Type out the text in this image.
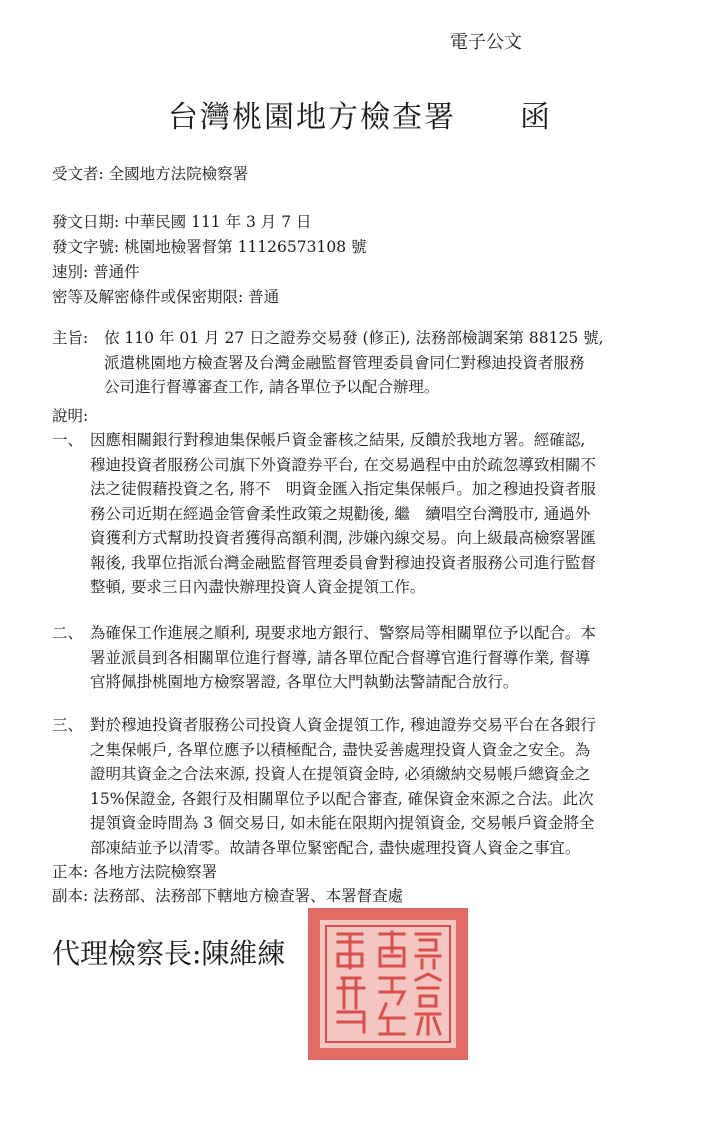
電子公文
台灣桃園地方檢查署　　函
受文者: 全國地方法院檢察署
發文日期: 中華民國 111 年 3 月 7 日
發文字號: 桃園地檢署督第 11126573108 號
速別: 普通件
密等及解密條件或保密期限: 普通
主旨: 依 110 年 01 月 27 日之證券交易發 (修正), 法務部檢調案第 88125 號,
派遣桃園地方檢查署及台灣金融監督管理委員會同仁對穆迪投資者服務
公司進行督導審查工作, 請各單位予以配合辦理。
說明:
一、 因應相關銀行對穆迪集保帳戶資金審核之結果, 反饋於我地方署。經確認,
穆迪投資者服務公司旗下外資證券平台, 在交易過程中由於疏忽導致相關不
法之徒假藉投資之名, 將不　明資金匯入指定集保帳戶。加之穆迪投資者服
務公司近期在經過金管會柔性政策之規勸後, 繼　續唱空台灣股市, 通過外
資獲利方式幫助投資者獲得高額利潤, 涉嫌內線交易。向上級最高檢察署匯
報後, 我單位指派台灣金融監督管理委員會對穆迪投資者服務公司進行監督
整頓, 要求三日內盡快辦理投資人資金提領工作。
二、 為確保工作進展之順利, 現要求地方銀行、警察局等相關單位予以配合。本
署並派員到各相關單位進行督導, 請各單位配合督導官進行督導作業, 督導
官將佩掛桃園地方檢察署證, 各單位大門執勤法警請配合放行。
三、 對於穆迪投資者服務公司投資人資金提領工作, 穆迪證券交易平台在各銀行
之集保帳戶, 各單位應予以積極配合, 盡快妥善處理投資人資金之安全。為
證明其資金之合法來源, 投資人在提領資金時, 必須繳納交易帳戶總資金之
15%保證金, 各銀行及相關單位予以配合審查, 確保資金來源之合法。此次
提領資金時間為 3 個交易日, 如未能在限期內提領資金, 交易帳戶資金將全
部凍結並予以清零。故請各單位緊密配合, 盡快處理投資人資金之事宜。
正本: 各地方法院檢察署
副本: 法務部、法務部下轄地方檢查署、本署督查處
代理檢察長:陳維練
